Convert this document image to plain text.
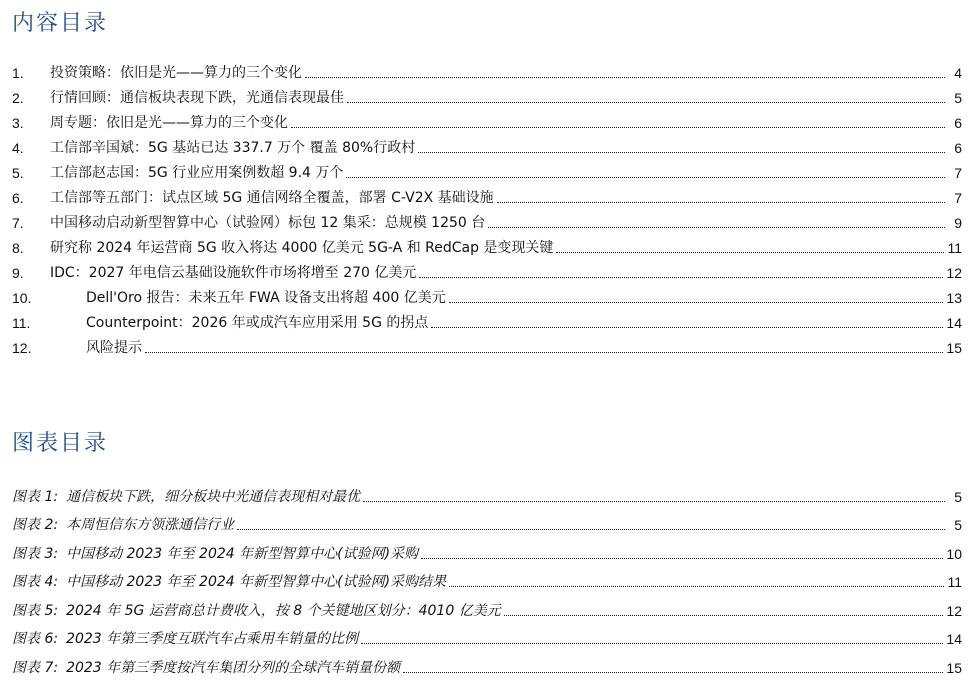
内容目录
1.	投资策略：依旧是光——算力的三个变化	4
2.	行情回顾：通信板块表现下跌，光通信表现最佳	5
3.	周专题：依旧是光——算力的三个变化	6
4.	工信部辛国斌：5G 基站已达 337.7 万个 覆盖 80%行政村	6
5.	工信部赵志国：5G 行业应用案例数超 9.4 万个	7
6.	工信部等五部门：试点区域 5G 通信网络全覆盖，部署 C-V2X 基础设施	7
7.	中国移动启动新型智算中心（试验网）标包 12 集采：总规模 1250 台	9
8.	研究称 2024 年运营商 5G 收入将达 4000 亿美元 5G-A 和 RedCap 是变现关键	11
9.	IDC：2027 年电信云基础设施软件市场将增至 270 亿美元	12
10.	Dell'Oro 报告：未来五年 FWA 设备支出将超 400 亿美元	13
11.	Counterpoint：2026 年或成汽车应用采用 5G 的拐点	14
12.	风险提示	15
图表目录
图表 1: 通信板块下跌，细分板块中光通信表现相对最优	5
图表 2: 本周恒信东方领涨通信行业	5
图表 3: 中国移动 2023 年至 2024 年新型智算中心(试验网)采购	10
图表 4: 中国移动 2023 年至 2024 年新型智算中心(试验网)采购结果	11
图表 5: 2024 年 5G 运营商总计费收入，按 8 个关键地区划分：4010 亿美元	12
图表 6: 2023 年第三季度互联汽车占乘用车销量的比例	14
图表 7: 2023 年第三季度按汽车集团分列的全球汽车销量份额	15
